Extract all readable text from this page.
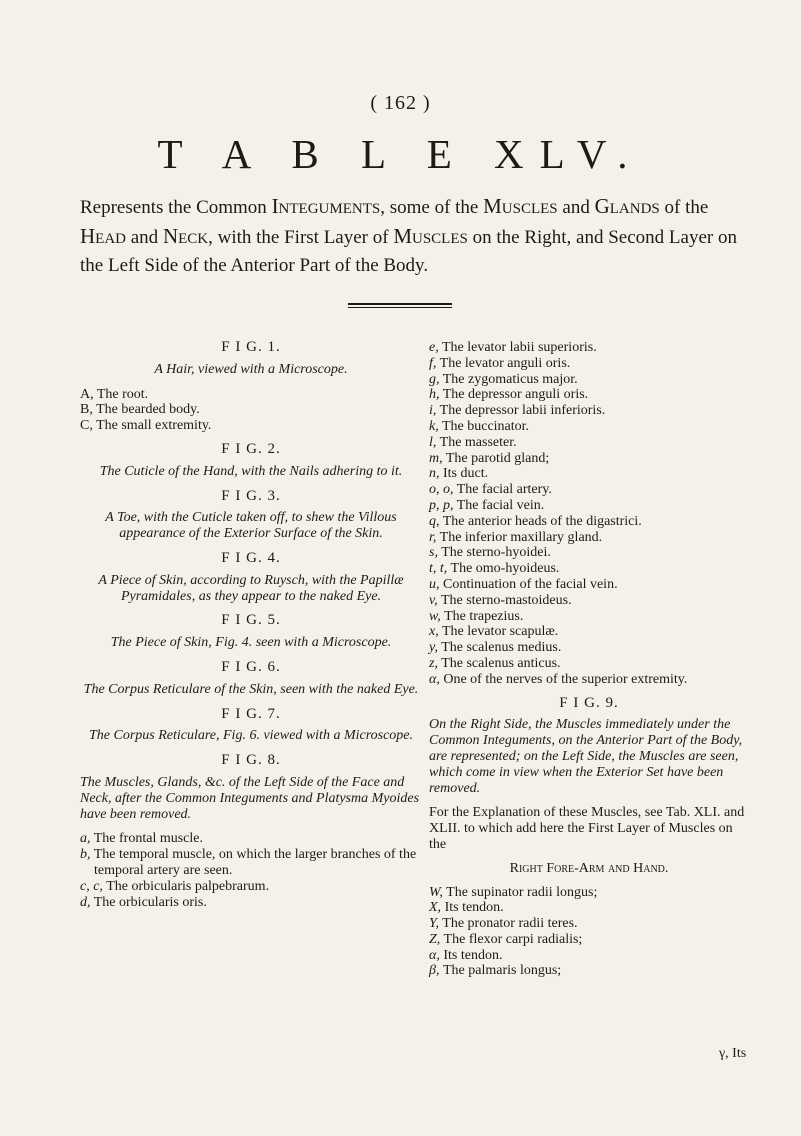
( 162 )
T A B L E XLV.
Represents the Common Integuments, some of the Muscles and Glands of the Head and Neck, with the First Layer of Muscles on the Right, and Second Layer on the Left Side of the Anterior Part of the Body.
F I G. 1.
A Hair, viewed with a Microscope.
A, The root.
B, The bearded body.
C, The small extremity.
F I G. 2.
The Cuticle of the Hand, with the Nails adhering to it.
F I G. 3.
A Toe, with the Cuticle taken off, to shew the Villous appearance of the Exterior Surface of the Skin.
F I G. 4.
A Piece of Skin, according to Ruysch, with the Papillæ Pyramidales, as they appear to the naked Eye.
F I G. 5.
The Piece of Skin, Fig. 4. seen with a Microscope.
F I G. 6.
The Corpus Reticulare of the Skin, seen with the naked Eye.
F I G. 7.
The Corpus Reticulare, Fig. 6. viewed with a Microscope.
F I G. 8.
The Muscles, Glands, &c. of the Left Side of the Face and Neck, after the Common Integuments and Platysma Myoides have been removed.
a, The frontal muscle.
b, The temporal muscle, on which the larger branches of the temporal artery are seen.
c, c, The orbicularis palpebrarum.
d, The orbicularis oris.
e, The levator labii superioris.
f, The levator anguli oris.
g, The zygomaticus major.
h, The depressor anguli oris.
i, The depressor labii inferioris.
k, The buccinator.
l, The masseter.
m, The parotid gland;
n, Its duct.
o, o, The facial artery.
p, p, The facial vein.
q, The anterior heads of the digastrici.
r, The inferior maxillary gland.
s, The sterno-hyoidei.
t, t, The omo-hyoideus.
u, Continuation of the facial vein.
v, The sterno-mastoideus.
w, The trapezius.
x, The levator scapulæ.
y, The scalenus medius.
z, The scalenus anticus.
α, One of the nerves of the superior extremity.
F I G. 9.
On the Right Side, the Muscles immediately under the Common Integuments, on the Anterior Part of the Body, are represented; on the Left Side, the Muscles are seen, which come in view when the Exterior Set have been removed.

For the Explanation of these Muscles, see Tab. XLI. and XLII. to which add here the First Layer of Muscles on the

Right Fore-Arm and Hand.
W, The supinator radii longus;
X, Its tendon.
Y, The pronator radii teres.
Z, The flexor carpi radialis;
α, Its tendon.
β, The palmaris longus;
γ, Its
